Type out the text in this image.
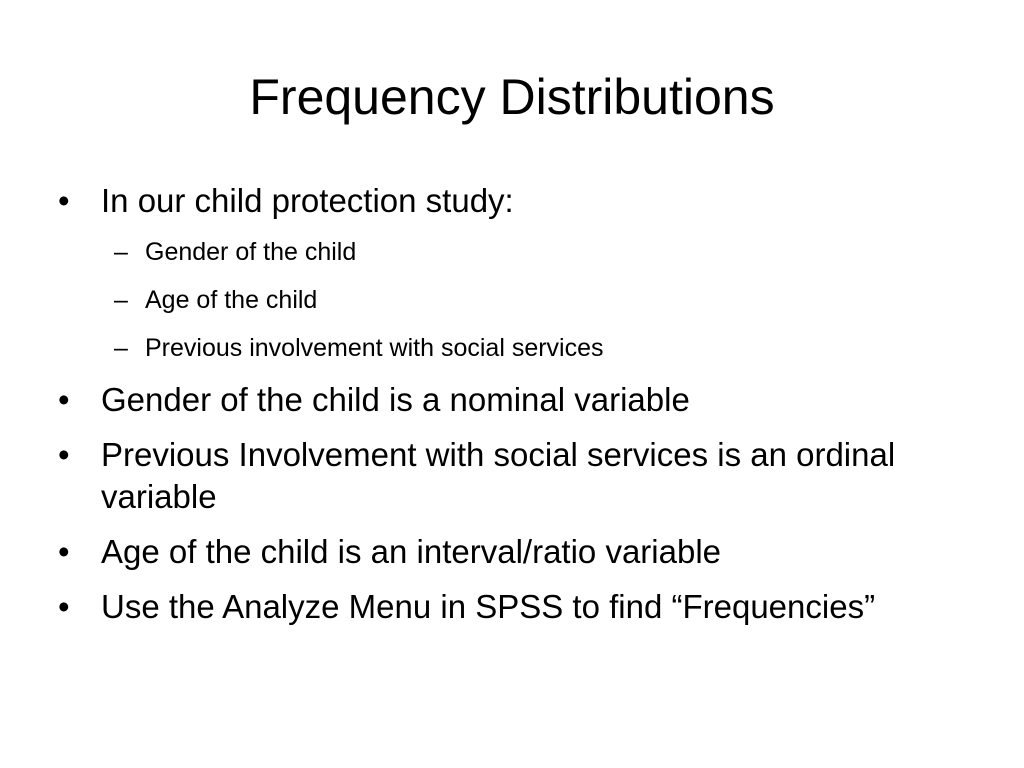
Frequency Distributions
• In our child protection study:
– Gender of the child
– Age of the child
– Previous involvement with social services
• Gender of the child is a nominal variable
• Previous Involvement with social services is an ordinal variable
• Age of the child is an interval/ratio variable
• Use the Analyze Menu in SPSS to find “Frequencies”
